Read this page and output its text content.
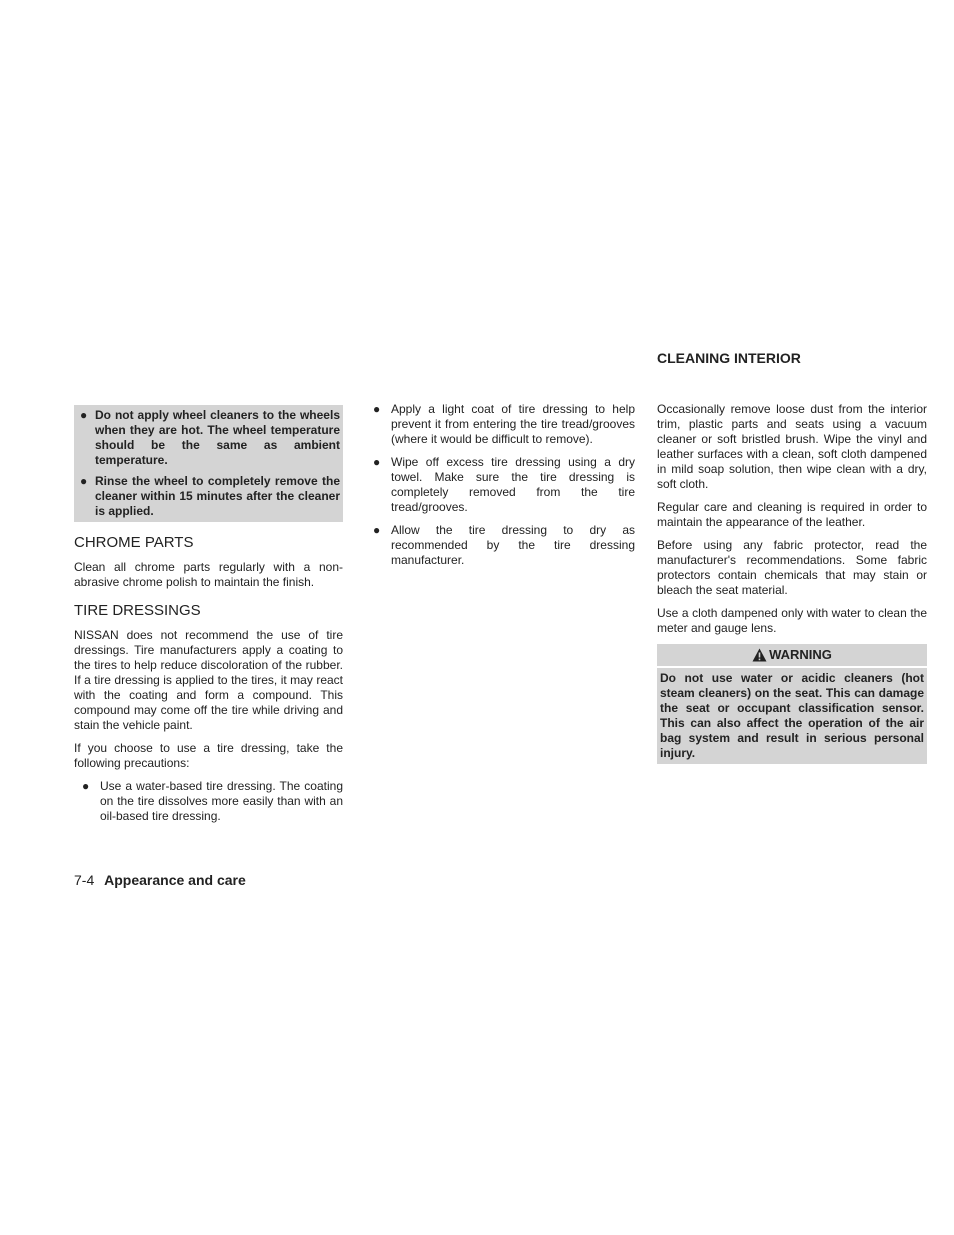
CLEANING INTERIOR
● Do not apply wheel cleaners to the wheels when they are hot. The wheel temperature should be the same as ambient temperature.
● Rinse the wheel to completely remove the cleaner within 15 minutes after the cleaner is applied.
CHROME PARTS

Clean all chrome parts regularly with a non-abrasive chrome polish to maintain the finish.

TIRE DRESSINGS

NISSAN does not recommend the use of tire dressings. Tire manufacturers apply a coating to the tires to help reduce discoloration of the rubber. If a tire dressing is applied to the tires, it may react with the coating and form a compound. This compound may come off the tire while driving and stain the vehicle paint.

If you choose to use a tire dressing, take the following precautions:

● Use a water-based tire dressing. The coating on the tire dissolves more easily than with an oil-based tire dressing.
● Apply a light coat of tire dressing to help prevent it from entering the tire tread/grooves (where it would be difficult to remove).
● Wipe off excess tire dressing using a dry towel. Make sure the tire dressing is completely removed from the tire tread/grooves.
● Allow the tire dressing to dry as recommended by the tire dressing manufacturer.

Occasionally remove loose dust from the interior trim, plastic parts and seats using a vacuum cleaner or soft bristled brush. Wipe the vinyl and leather surfaces with a clean, soft cloth dampened in mild soap solution, then wipe clean with a dry, soft cloth.

Regular care and cleaning is required in order to maintain the appearance of the leather.

Before using any fabric protector, read the manufacturer's recommendations. Some fabric protectors contain chemicals that may stain or bleach the seat material.

Use a cloth dampened only with water to clean the meter and gauge lens.

WARNING
Do not use water or acidic cleaners (hot steam cleaners) on the seat. This can damage the seat or occupant classification sensor. This can also affect the operation of the air bag system and result in serious personal injury.
7-4 Appearance and care
